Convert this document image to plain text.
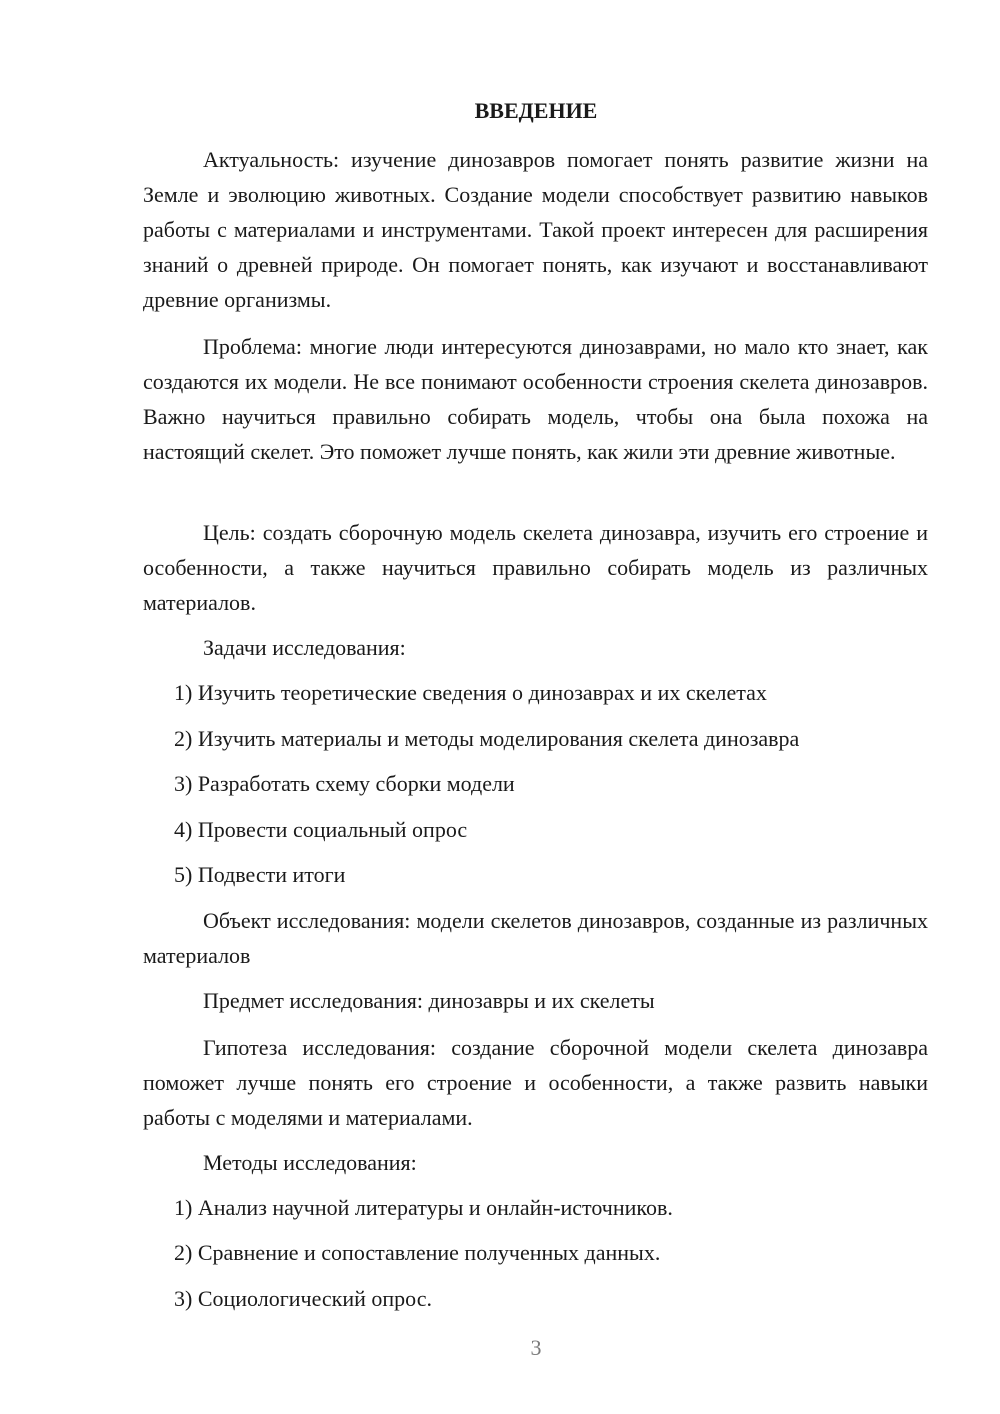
ВВЕДЕНИЕ

Актуальность: изучение динозавров помогает понять развитие жизни на Земле и эволюцию животных. Создание модели способствует развитию навыков работы с материалами и инструментами. Такой проект интересен для расширения знаний о древней природе. Он помогает понять, как изучают и восстанавливают древние организмы.

Проблема: многие люди интересуются динозаврами, но мало кто знает, как создаются их модели. Не все понимают особенности строения скелета динозавров. Важно научиться правильно собирать модель, чтобы она была похожа на настоящий скелет. Это поможет лучше понять, как жили эти древние животные.

Цель: создать сборочную модель скелета динозавра, изучить его строение и особенности, а также научиться правильно собирать модель из различных материалов.

Задачи исследования:

1) Изучить теоретические сведения о динозаврах и их скелетах

2) Изучить материалы и методы моделирования скелета динозавра

3) Разработать схему сборки модели

4) Провести социальный опрос

5) Подвести итоги

Объект исследования: модели скелетов динозавров, созданные из различных материалов

Предмет исследования: динозавры и их скелеты

Гипотеза исследования: создание сборочной модели скелета динозавра поможет лучше понять его строение и особенности, а также развить навыки работы с моделями и материалами.

Методы исследования:

1) Анализ научной литературы и онлайн-источников.

2) Сравнение и сопоставление полученных данных.

3) Социологический опрос.

3
